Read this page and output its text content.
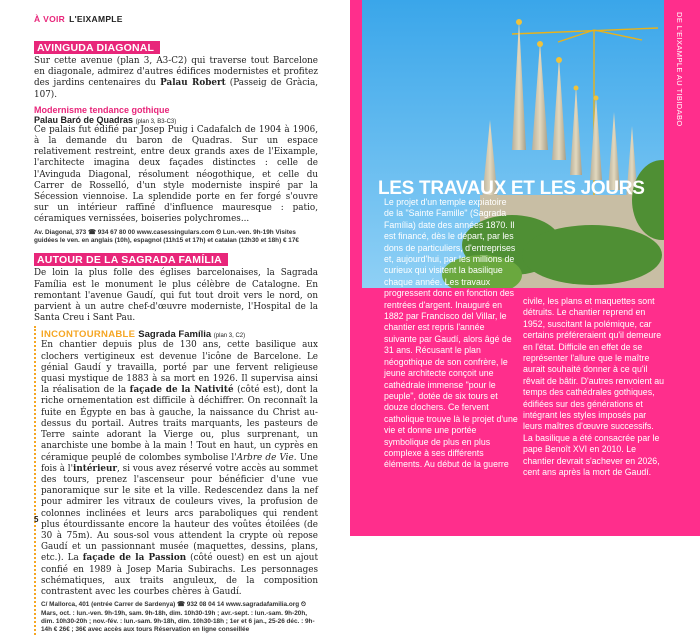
À VOIR L'EIXAMPLE
AVINGUDA DIAGONAL

Sur cette avenue (plan 3, A3-C2) qui traverse tout Barcelone en diagonale, admirez d'autres édifices modernistes et profitez des jardins centenaires du Palau Robert (Passeig de Gràcia, 107).

Modernisme tendance gothique
Palau Baró de Quadras (plan 3, B3-C3)

Ce palais fut édifié par Josep Puig i Cadafalch de 1904 à 1906, à la demande du baron de Quadras. Sur un espace relativement restreint, entre deux grands axes de l'Eixample, l'architecte imagina deux façades distinctes : celle de l'Avinguda Diagonal, résolument néogothique, et celle du Carrer de Rosselló, d'un style moderniste inspiré par la Sécession viennoise. La splendide porte en fer forgé s'ouvre sur un intérieur raffiné d'influence mauresque : patio, céramiques vernissées, boiseries polychromes...

Av. Diagonal, 373 ☎ 934 67 80 00 www.casessingulars.com ⏲ Lun.-ven. 9h-19h Visites guidées le ven. en anglais (10h), espagnol (11h15 et 17h) et catalan (12h30 et 18h) € 17€
AUTOUR DE LA SAGRADA FAMÍLIA

De loin la plus folle des églises barcelonaises, la Sagrada Família est le monument le plus célèbre de Catalogne. En remontant l'avenue Gaudí, qui fut tout droit vers le nord, on parvient à un autre chef-d'œuvre moderniste, l'Hospital de la Santa Creu i Sant Pau.

INCONTOURNABLE Sagrada Família (plan 3, C2)

En chantier depuis plus de 130 ans, cette basilique aux clochers vertigineux est devenue l'icône de Barcelone. Le génial Gaudí y travailla, porté par une fervent religieuse quasi mystique de 1883 à sa mort en 1926. Il supervisa ainsi la réalisation de la façade de la Nativité (côté est), dont la riche ornementation est difficile à déchiffrer. On reconnaît la fuite en Égypte en bas à gauche, la naissance du Christ au-dessus du portail. Autres traits marquants, les pasteurs de Terre sainte adorant la Vierge ou, plus surprenant, un anarchiste une bombe à la main ! Tout en haut, un cyprès en céramique peuplé de colombes symbolise l'Arbre de Vie. Une fois à l'intérieur, si vous avez réservé votre accès au sommet des tours, prenez l'ascenseur pour bénéficier d'une vue panoramique sur le site et la ville. Redescendez dans la nef pour admirer les vitraux de couleurs vives, la profusion de colonnes inclinées et leurs arcs paraboliques qui rendent plus étourdissante encore la hauteur des voûtes étoilées (de 30 à 75m). Au sous-sol vous attendent la crypte où repose Gaudí et un passionnant musée (maquettes, dessins, plans, etc.). La façade de la Passion (côté ouest) en est un ajout confié en 1989 à Josep Maria Subirachs. Les personnages schématiques, aux traits anguleux, de la composition contrastent avec les courbes chères à Gaudí.

C/ Mallorca, 401 (entrée Carrer de Sardenya) ☎ 932 08 04 14 www.sagradafamilia.org ⏲ Mars, oct. : lun.-ven. 9h-19h, sam. 9h-18h, dim. 10h30-19h ; avr.-sept. : lun.-sam. 9h-20h, dim. 10h30-20h ; nov.-fév. : lun.-sam. 9h-18h, dim. 10h30-18h ; 1er et 6 jan., 25-26 déc. : 9h-14h € 26€ ; 36€ avec accès aux tours Réservation en ligne conseillée
5
LES TRAVAUX ET LES JOURS
DE L'EIXAMPLE AU TIBIDABO

Le projet d'un temple expiatoire de la "Sainte Famille" (Sagrada Família) date des années 1870. Il est financé, dès le départ, par les dons de particuliers, d'entreprises et, aujourd'hui, par les millions de curieux qui visitent la basilique chaque année. Les travaux progressent donc en fonction des rentrées d'argent. Inauguré en 1882 par Francisco del Villar, le chantier est repris l'année suivante par Gaudí, alors âgé de 31 ans. Récusant le plan néogothique de son confrère, le jeune architecte conçoit une cathédrale immense "pour le peuple", dotée de six tours et douze clochers. Ce fervent catholique trouve là le projet d'une vie et donne une portée symbolique de plus en plus complexe à ses différents éléments. Au début de la guerre

civile, les plans et maquettes sont détruits. Le chantier reprend en 1952, suscitant la polémique, car certains préféreraient qu'il demeure en l'état. Difficile en effet de se représenter l'allure que le maître aurait souhaité donner à ce qu'il rêvait de bâtir. D'autres renvoient au temps des cathédrales gothiques, édifiées sur des générations et intégrant les styles imposés par leurs maîtres d'œuvre successifs. La basilique a été consacrée par le pape Benoît XVI en 2010. Le chantier devrait s'achever en 2026, cent ans après la mort de Gaudí.
